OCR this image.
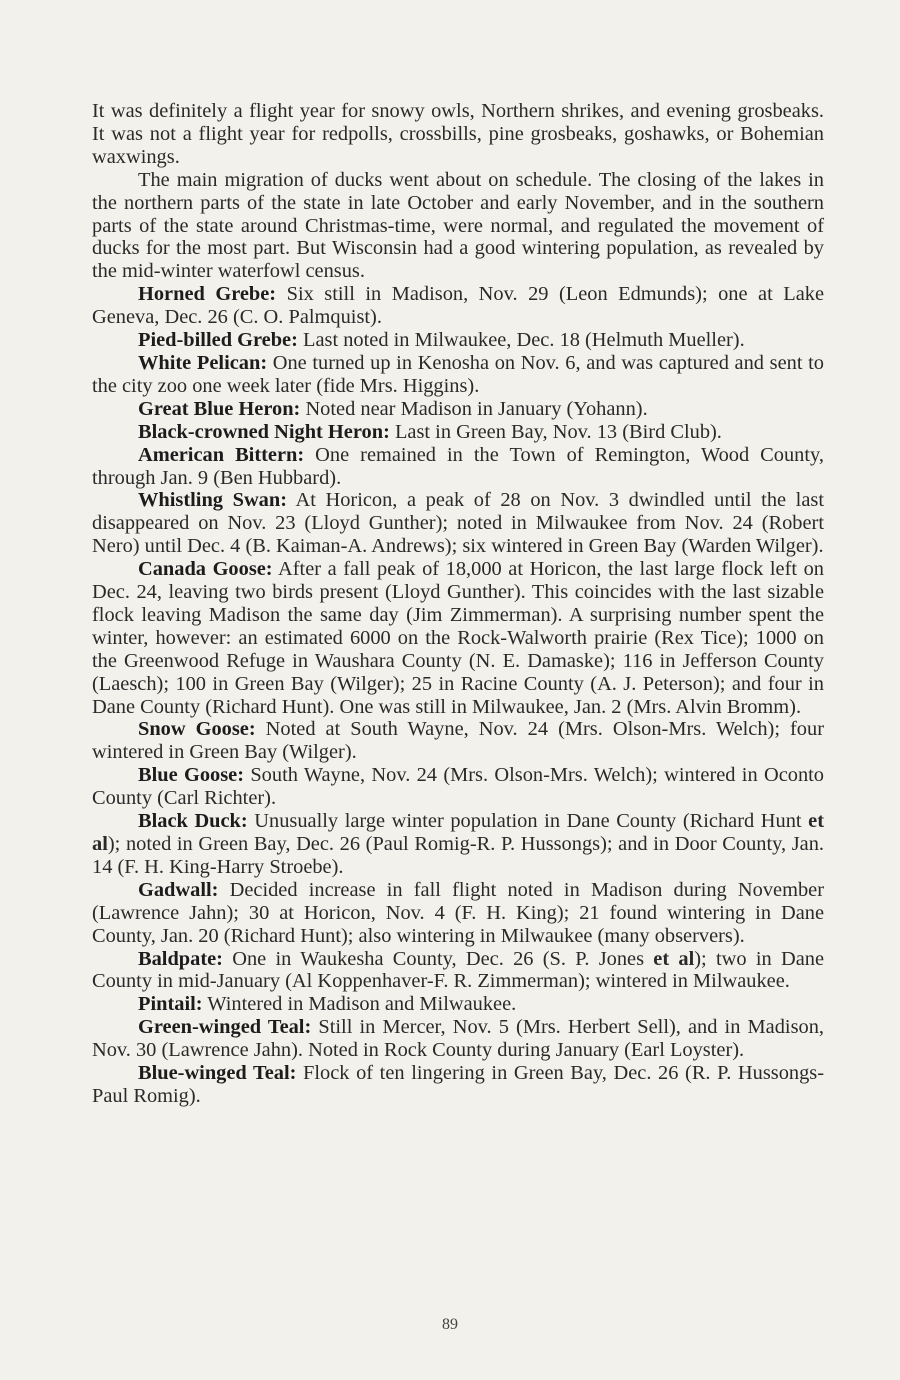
It was definitely a flight year for snowy owls, Northern shrikes, and evening grosbeaks. It was not a flight year for redpolls, crossbills, pine grosbeaks, goshawks, or Bohemian waxwings.

The main migration of ducks went about on schedule. The closing of the lakes in the northern parts of the state in late October and early November, and in the southern parts of the state around Christmas-time, were normal, and regulated the movement of ducks for the most part. But Wisconsin had a good wintering population, as revealed by the mid-winter waterfowl census.

Horned Grebe: Six still in Madison, Nov. 29 (Leon Edmunds); one at Lake Geneva, Dec. 26 (C. O. Palmquist).

Pied-billed Grebe: Last noted in Milwaukee, Dec. 18 (Helmuth Mueller).

White Pelican: One turned up in Kenosha on Nov. 6, and was captured and sent to the city zoo one week later (fide Mrs. Higgins).

Great Blue Heron: Noted near Madison in January (Yohann).

Black-crowned Night Heron: Last in Green Bay, Nov. 13 (Bird Club).

American Bittern: One remained in the Town of Remington, Wood County, through Jan. 9 (Ben Hubbard).

Whistling Swan: At Horicon, a peak of 28 on Nov. 3 dwindled until the last disappeared on Nov. 23 (Lloyd Gunther); noted in Milwaukee from Nov. 24 (Robert Nero) until Dec. 4 (B. Kaiman-A. Andrews); six wintered in Green Bay (Warden Wilger).

Canada Goose: After a fall peak of 18,000 at Horicon, the last large flock left on Dec. 24, leaving two birds present (Lloyd Gunther). This coincides with the last sizable flock leaving Madison the same day (Jim Zimmerman). A surprising number spent the winter, however: an estimated 6000 on the Rock-Walworth prairie (Rex Tice); 1000 on the Greenwood Refuge in Waushara County (N. E. Damaske); 116 in Jefferson County (Laesch); 100 in Green Bay (Wilger); 25 in Racine County (A. J. Peterson); and four in Dane County (Richard Hunt). One was still in Milwaukee, Jan. 2 (Mrs. Alvin Bromm).

Snow Goose: Noted at South Wayne, Nov. 24 (Mrs. Olson-Mrs. Welch); four wintered in Green Bay (Wilger).

Blue Goose: South Wayne, Nov. 24 (Mrs. Olson-Mrs. Welch); wintered in Oconto County (Carl Richter).

Black Duck: Unusually large winter population in Dane County (Richard Hunt et al); noted in Green Bay, Dec. 26 (Paul Romig-R. P. Hussongs); and in Door County, Jan. 14 (F. H. King-Harry Stroebe).

Gadwall: Decided increase in fall flight noted in Madison during November (Lawrence Jahn); 30 at Horicon, Nov. 4 (F. H. King); 21 found wintering in Dane County, Jan. 20 (Richard Hunt); also wintering in Milwaukee (many observers).

Baldpate: One in Waukesha County, Dec. 26 (S. P. Jones et al); two in Dane County in mid-January (Al Koppenhaver-F. R. Zimmerman); wintered in Milwaukee.

Pintail: Wintered in Madison and Milwaukee.

Green-winged Teal: Still in Mercer, Nov. 5 (Mrs. Herbert Sell), and in Madison, Nov. 30 (Lawrence Jahn). Noted in Rock County during January (Earl Loyster).

Blue-winged Teal: Flock of ten lingering in Green Bay, Dec. 26 (R. P. Hussongs-Paul Romig).

89
